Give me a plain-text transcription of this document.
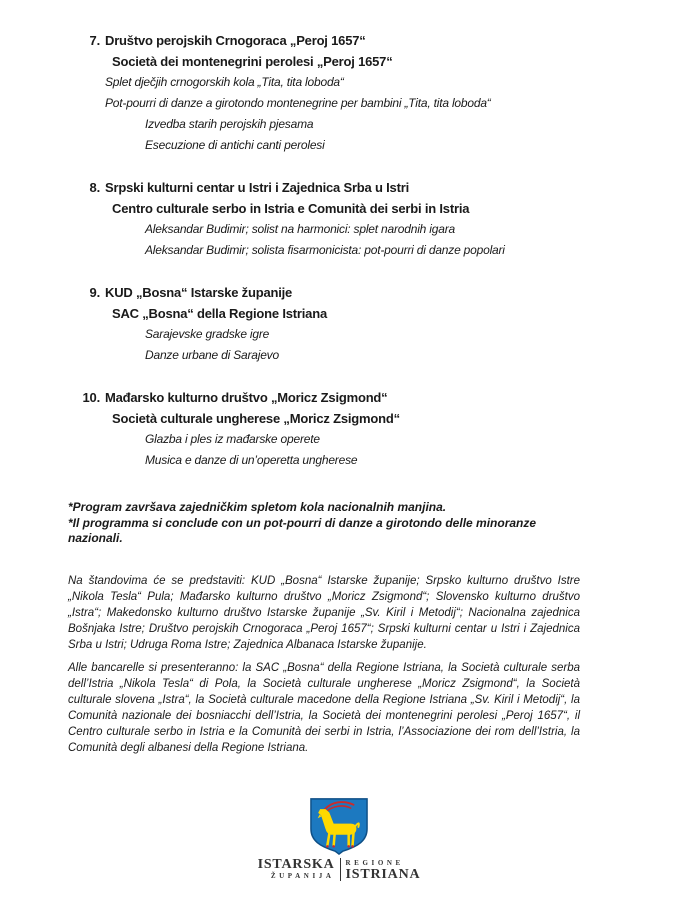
7. Društvo perojskih Crnogoraca „Peroj 1657“
Società dei montenegrini perolesi „Peroj 1657“
Splet dječjih crnogorskih kola „Tita, tita loboda“
Pot-pourri di danze a girotondo montenegrine per bambini „Tita, tita loboda“
Izvedba starih perojskih pjesama
Esecuzione di antichi canti perolesi
8. Srpski kulturni centar u Istri i Zajednica Srba u Istri
Centro culturale serbo in Istria e Comunità dei serbi in Istria
Aleksandar Budimir; solist na harmonici: splet narodnih igara
Aleksandar Budimir; solista fisarmonicista: pot-pourri di danze popolari
9. KUD „Bosna“ Istarske županije
SAC „Bosna“ della Regione Istriana
Sarajevske gradske igre
Danze urbane di Sarajevo
10. Mađarsko kulturno društvo „Moricz Zsigmond“
Società culturale ungherese „Moricz Zsigmond“
Glazba i ples iz mađarske operete
Musica e danze di un’operetta ungherese

*Program završava zajedničkim spletom kola nacionalnih manjina.

*Il programma si conclude con un pot-pourri di danze a girotondo delle minoranze nazionali.

Na štandovima će se predstaviti: KUD „Bosna“ Istarske županije; Srpsko kulturno društvo Istre „Nikola Tesla“ Pula; Mađarsko kulturno društvo „Moricz Zsigmond“; Slovensko kulturno društvo „Istra“; Makedonsko kulturno društvo Istarske županije „Sv. Kiril i Metodij“; Nacionalna zajednica Bošnjaka Istre; Društvo perojskih Crnogoraca „Peroj 1657“; Srpski kulturni centar u Istri i Zajednica Srba u Istri; Udruga Roma Istre; Zajednica Albanaca Istarske županije.

Alle bancarelle si presenteranno: la SAC „Bosna“ della Regione Istriana, la Società culturale serba dell’Istria „Nikola Tesla“ di Pola, la Società culturale ungherese „Moricz Zsigmond“, la Società culturale slovena „Istra“, la Società culturale macedone della Regione Istriana „Sv. Kiril i Metodij“, la Comunità nazionale dei bosniacchi dell’Istria, la Società dei montenegrini perolesi „Peroj 1657“, il Centro culturale serbo in Istria e la Comunità dei serbi in Istria, l’Associazione dei rom dell’Istria, la Comunità degli albanesi della Regione Istriana.

ISTARSKA
ŽUPANIJA
REGIONE
ISTRIANA
